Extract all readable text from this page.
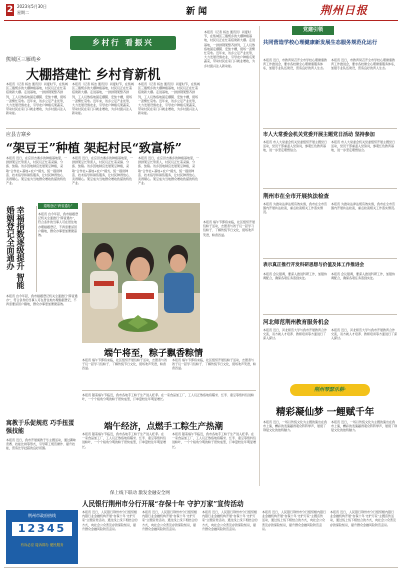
2 2023年5月30日
星期二	新闻	荆州日报
乡村行 看振兴
熊城区三雁缆乡
大棚搭建忙 乡村育新机
本报讯（记者 杨洁 通讯员）初夏时节，在熊城区三雁缆乡的大棚种植基地，村民们正在忙着搭建新大棚。走进基地，一排排钢架整齐排列，工人们熟练地固定棚膜、安装卡槽，现场一派繁忙景象。近年来，该乡立足产业优势，大力发展设施农业，引导农户种植瓜果蔬菜，带动村民在家门口就业增收，为乡村振兴注入新动能。
本报讯（记者 杨洁 通讯员）初夏时节，在熊城区三雁缆乡的大棚种植基地，村民们正在忙着搭建新大棚。走进基地，一排排钢架整齐排列，工人们熟练地固定棚膜、安装卡槽，现场一派繁忙景象。近年来，该乡立足产业优势，大力发展设施农业，引导农户种植瓜果蔬菜，带动村民在家门口就业增收，为乡村振兴注入新动能。
本报讯（记者 杨洁 通讯员）初夏时节，在熊城区三雁缆乡的大棚种植基地，村民们正在忙着搭建新大棚。走进基地，一排排钢架整齐排列，工人们熟练地固定棚膜、安装卡槽，现场一派繁忙景象。近年来，该乡立足产业优势，大力发展设施农业，引导农户种植瓜果蔬菜，带动村民在家门口就业增收，为乡村振兴注入新动能。
应县吉寨乡
“架豆王”种植 架起村民“致富桥”
本报讯 近日，在应县吉寨乡的种植基地里，一排排架豆长势喜人，村民们正忙着采摘、分拣、装箱。该乡因地制宜发展架豆种植，采取“合作社+基地+农户”模式，统一提供种苗、技术指导和销售服务，让村民种得放心、卖得顺心。架豆成为当地群众增收致富的特色产业。
本报讯 近日，在应县吉寨乡的种植基地里，一排排架豆长势喜人，村民们正忙着采摘、分拣、装箱。该乡因地制宜发展架豆种植，采取“合作社+基地+农户”模式，统一提供种苗、技术指导和销售服务，让村民种得放心、卖得顺心。架豆成为当地群众增收致富的特色产业。
本报讯 近日，在应县吉寨乡的种植基地里，一排排架豆长势喜人，村民们正忙着采摘、分拣、装箱。该乡因地制宜发展架豆种植，采取“合作社+基地+农户”模式，统一提供种苗、技术指导和销售服务，让村民种得放心、卖得顺心。架豆成为当地群众增收致富的特色产业。
本报讯（记者 杨洁 通讯员）初夏时节，在熊城区三雁缆乡的大棚种植基地，村民们正在忙着搭建新大棚。走进基地，一排排钢架整齐排列，工人们熟练地固定棚膜、安装卡槽，现场一派繁忙景象。近年来，该乡立足产业优势，大力发展设施农业，引导农户种植瓜果蔬菜，带动村民在家门口就业增收，为乡村振兴注入新动能。
幸福指数逐级提升 智能 婚姻登记全面通办	婚姻登记“跨省通办”
本报讯 自今年起，我市婚姻登记机关全面推行“跨省通办”，符合条件的当事人可在居住地办理婚姻登记，不再需要返回户籍地，群众办事更加便捷高效。
本报讯 自今年起，我市婚姻登记机关全面推行“跨省通办”，符合条件的当事人可在居住地办理婚姻登记，不再需要返回户籍地，群众办事更加便捷高效。
本报讯 端午节即将来临，社区组织开展包粽子活动，志愿者与孩子们一起学习包粽子、了解传统节日文化，现场欢声笑语，粽香四溢。
端午将至，粽子飘香粽情
本报讯 端午节即将来临，社区组织开展包粽子活动，志愿者与孩子们一起学习包粽子、了解传统节日文化，现场欢声笑语，粽香四溢。
本报讯 端午节即将来临，社区组织开展包粽子活动，志愿者与孩子们一起学习包粽子、了解传统节日文化，现场欢声笑语，粽香四溢。
本报讯 随着端午节临近，我市各地手工粽子生产进入旺季。在一家食品加工厂，工人们正熟练地将糯米、红枣、蜜豆等馅料包进粽叶，一个个棱角分明的粽子很快成型，订单量较往年明显增长。
端午经济，点燃手工粽生产热潮
本报讯 随着端午节临近，我市各地手工粽子生产进入旺季。在一家食品加工厂，工人们正熟练地将糯米、红枣、蜜豆等馅料包进粽叶，一个个棱角分明的粽子很快成型，订单量较往年明显增长。
本报讯 随着端午节临近，我市各地手工粽子生产进入旺季。在一家食品加工厂，工人们正熟练地将糯米、红枣、蜜豆等馅料包进粽叶，一个个棱角分明的粽子很快成型，订单量较往年明显增长。
寓教于乐促规范 巧手扭蛋强技能
本报讯 近日，我市开展寓教于乐主题活动，通过趣味竞赛、技能比拼等形式，引导职工规范操作、提升技能，营造比学赶超的良好氛围。
荆州市政府热线
12345
有诉必应 接诉即办 便民服务
保上线下联动 激发金融安全网
人民银行荆州市分行开展“存保十年 守护万家”宣传活动
本报讯 近日，人民银行荆州市分行组织辖内银行业金融机构开展“存保十年 守护万家”主题宣传活动，通过线上线下相结合的方式，向社会公众普及存款保险知识，提升群众金融风险防范意识。
本报讯 近日，人民银行荆州市分行组织辖内银行业金融机构开展“存保十年 守护万家”主题宣传活动，通过线上线下相结合的方式，向社会公众普及存款保险知识，提升群众金融风险防范意识。
本报讯 近日，人民银行荆州市分行组织辖内银行业金融机构开展“存保十年 守护万家”主题宣传活动，通过线上线下相结合的方式，向社会公众普及存款保险知识，提升群众金融风险防范意识。
本报讯 近日，人民银行荆州市分行组织辖内银行业金融机构开展“存保十年 守护万家”主题宣传活动，通过线上线下相结合的方式，向社会公众普及存款保险知识，提升群众金融风险防范意识。
本报讯 近日，人民银行荆州市分行组织辖内银行业金融机构开展“存保十年 守护万家”主题宣传活动，通过线上线下相结合的方式，向社会公众普及存款保险知识，提升群众金融风险防范意识。
党建引领
共同营造学校心理健康新发展生态服务规范化运行
本报讯 近日，市教育局召开全市学校心理健康教育工作推进会，要求各校健全心理健康服务体系，加强专业队伍建设，营造良好的育人生态。
本报讯 近日，市教育局召开全市学校心理健康教育工作推进会，要求各校健全心理健康服务体系，加强专业队伍建设，营造良好的育人生态。
市人大常委会机关党委开展主题党日活动 坚持参加
本报讯 市人大常委会机关党委组织开展主题党日活动，党员干部重温入党誓词，参观红色教育基地，进一步坚定理想信念。
本报讯 市人大常委会机关党委组织开展主题党日活动，党员干部重温入党誓词，参观红色教育基地，进一步坚定理想信念。
荆州市在全市开展执法检查
本报讯 为推动法律法规有效实施，我市在全市范围内开展执法检查，重点检查相关工作落实情况。
本报讯 为推动法律法规有效实施，我市在全市范围内开展执法检查，重点检查相关工作落实情况。
表示真正推行开发科研思想与价值及体工作推进会
本报讯 会议强调，要深入推进科研工作，加强协调配合，确保各项任务落到实处。
本报讯 会议强调，要深入推进科研工作，加强协调配合，确保各项任务落到实处。
河北师范荆州教育服务机会
本报讯 近日，河北师范大学与我市开展教育合作交流，双方就人才培养、教师培训等方面进行了深入探讨。
本报讯 近日，河北师范大学与我市开展教育合作交流，双方就人才培养、教师培训等方面进行了深入探讨。
荆州琴瑟乐耕·
精彩凝仙梦 一鲤赋千年
本报讯 近日，一场以传统文化为主题的演出在我市上演，精彩的表演赢得观众阵阵掌声，展现了荆楚文化的独特魅力。
本报讯 近日，一场以传统文化为主题的演出在我市上演，精彩的表演赢得观众阵阵掌声，展现了荆楚文化的独特魅力。
